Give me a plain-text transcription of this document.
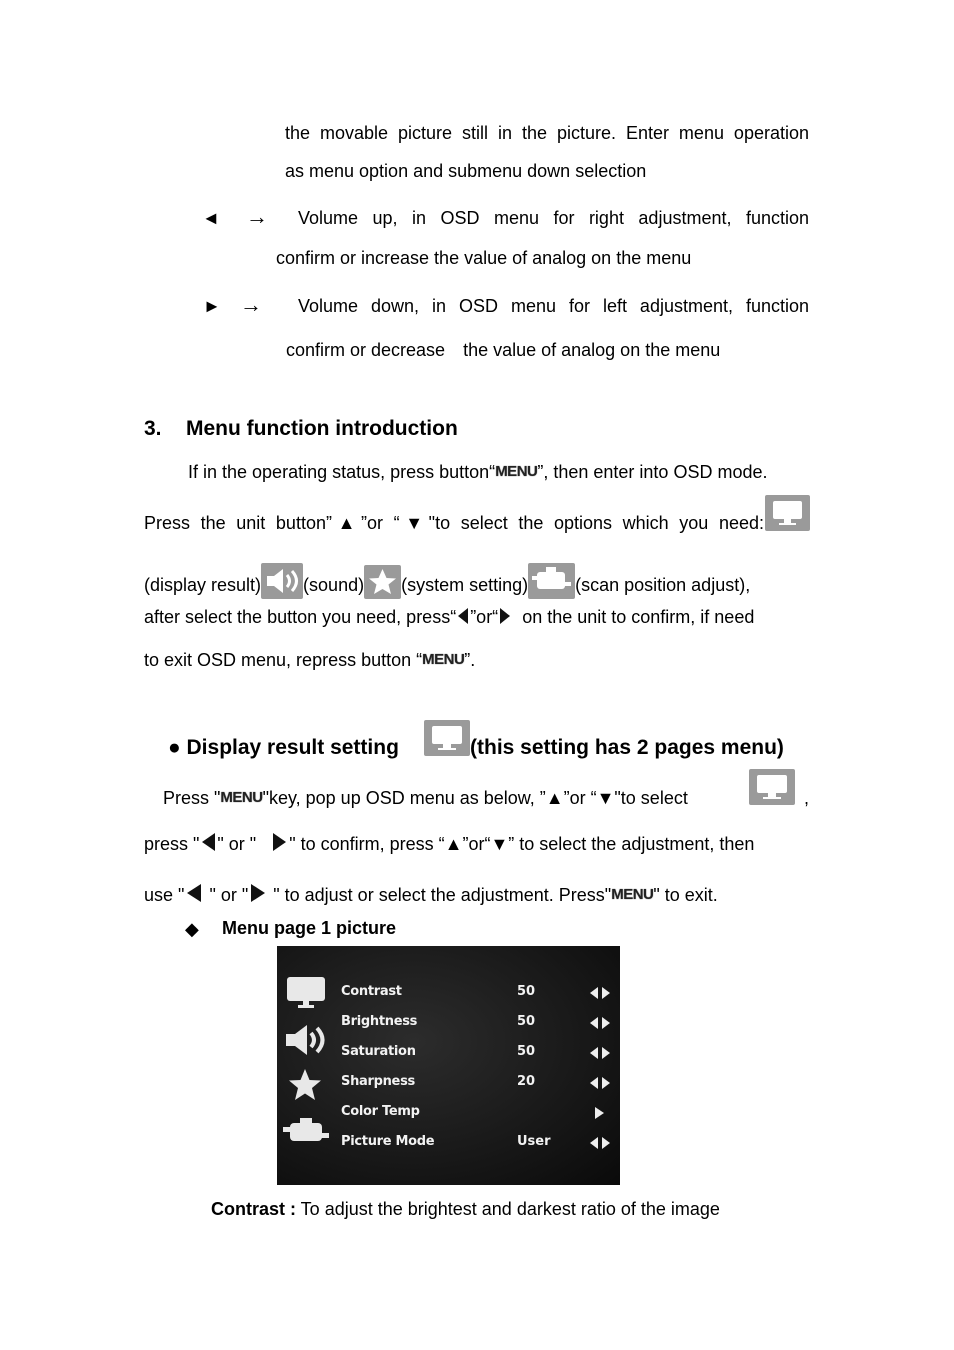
the movable picture still in the picture. Enter menu operation
as menu option and submenu down selection
◄ → Volume up, in OSD menu for right adjustment, function
confirm or increase the value of analog on the menu
► → Volume down, in OSD menu for left adjustment, function
confirm or decrease　the value of analog on the menu
3. Menu function introduction
If in the operating status, press button“MENU”, then enter into OSD mode.
Press the unit button”▲”or “▼"to select the options which you need:
(display result) (sound) (system setting)	(scan position adjust),
after select the button you need, press“ ”or“ on the unit to confirm, if need
to exit OSD menu, repress button “MENU”.
● Display result setting	(this setting has 2 pages menu)
Press "MENU"key, pop up OSD menu as below, ”▲”or “▼"to select	,
press " " or " " to confirm, press “▲”or“▼” to select the adjustment, then
use " " or " " to adjust or select the adjustment. Press"MENU" to exit.
◆ Menu page 1 picture
Contrast	50
Brightness	50
Saturation	50
Sharpness	20
Color Temp
Picture Mode	User
Contrast : To adjust the brightest and darkest ratio of the image
